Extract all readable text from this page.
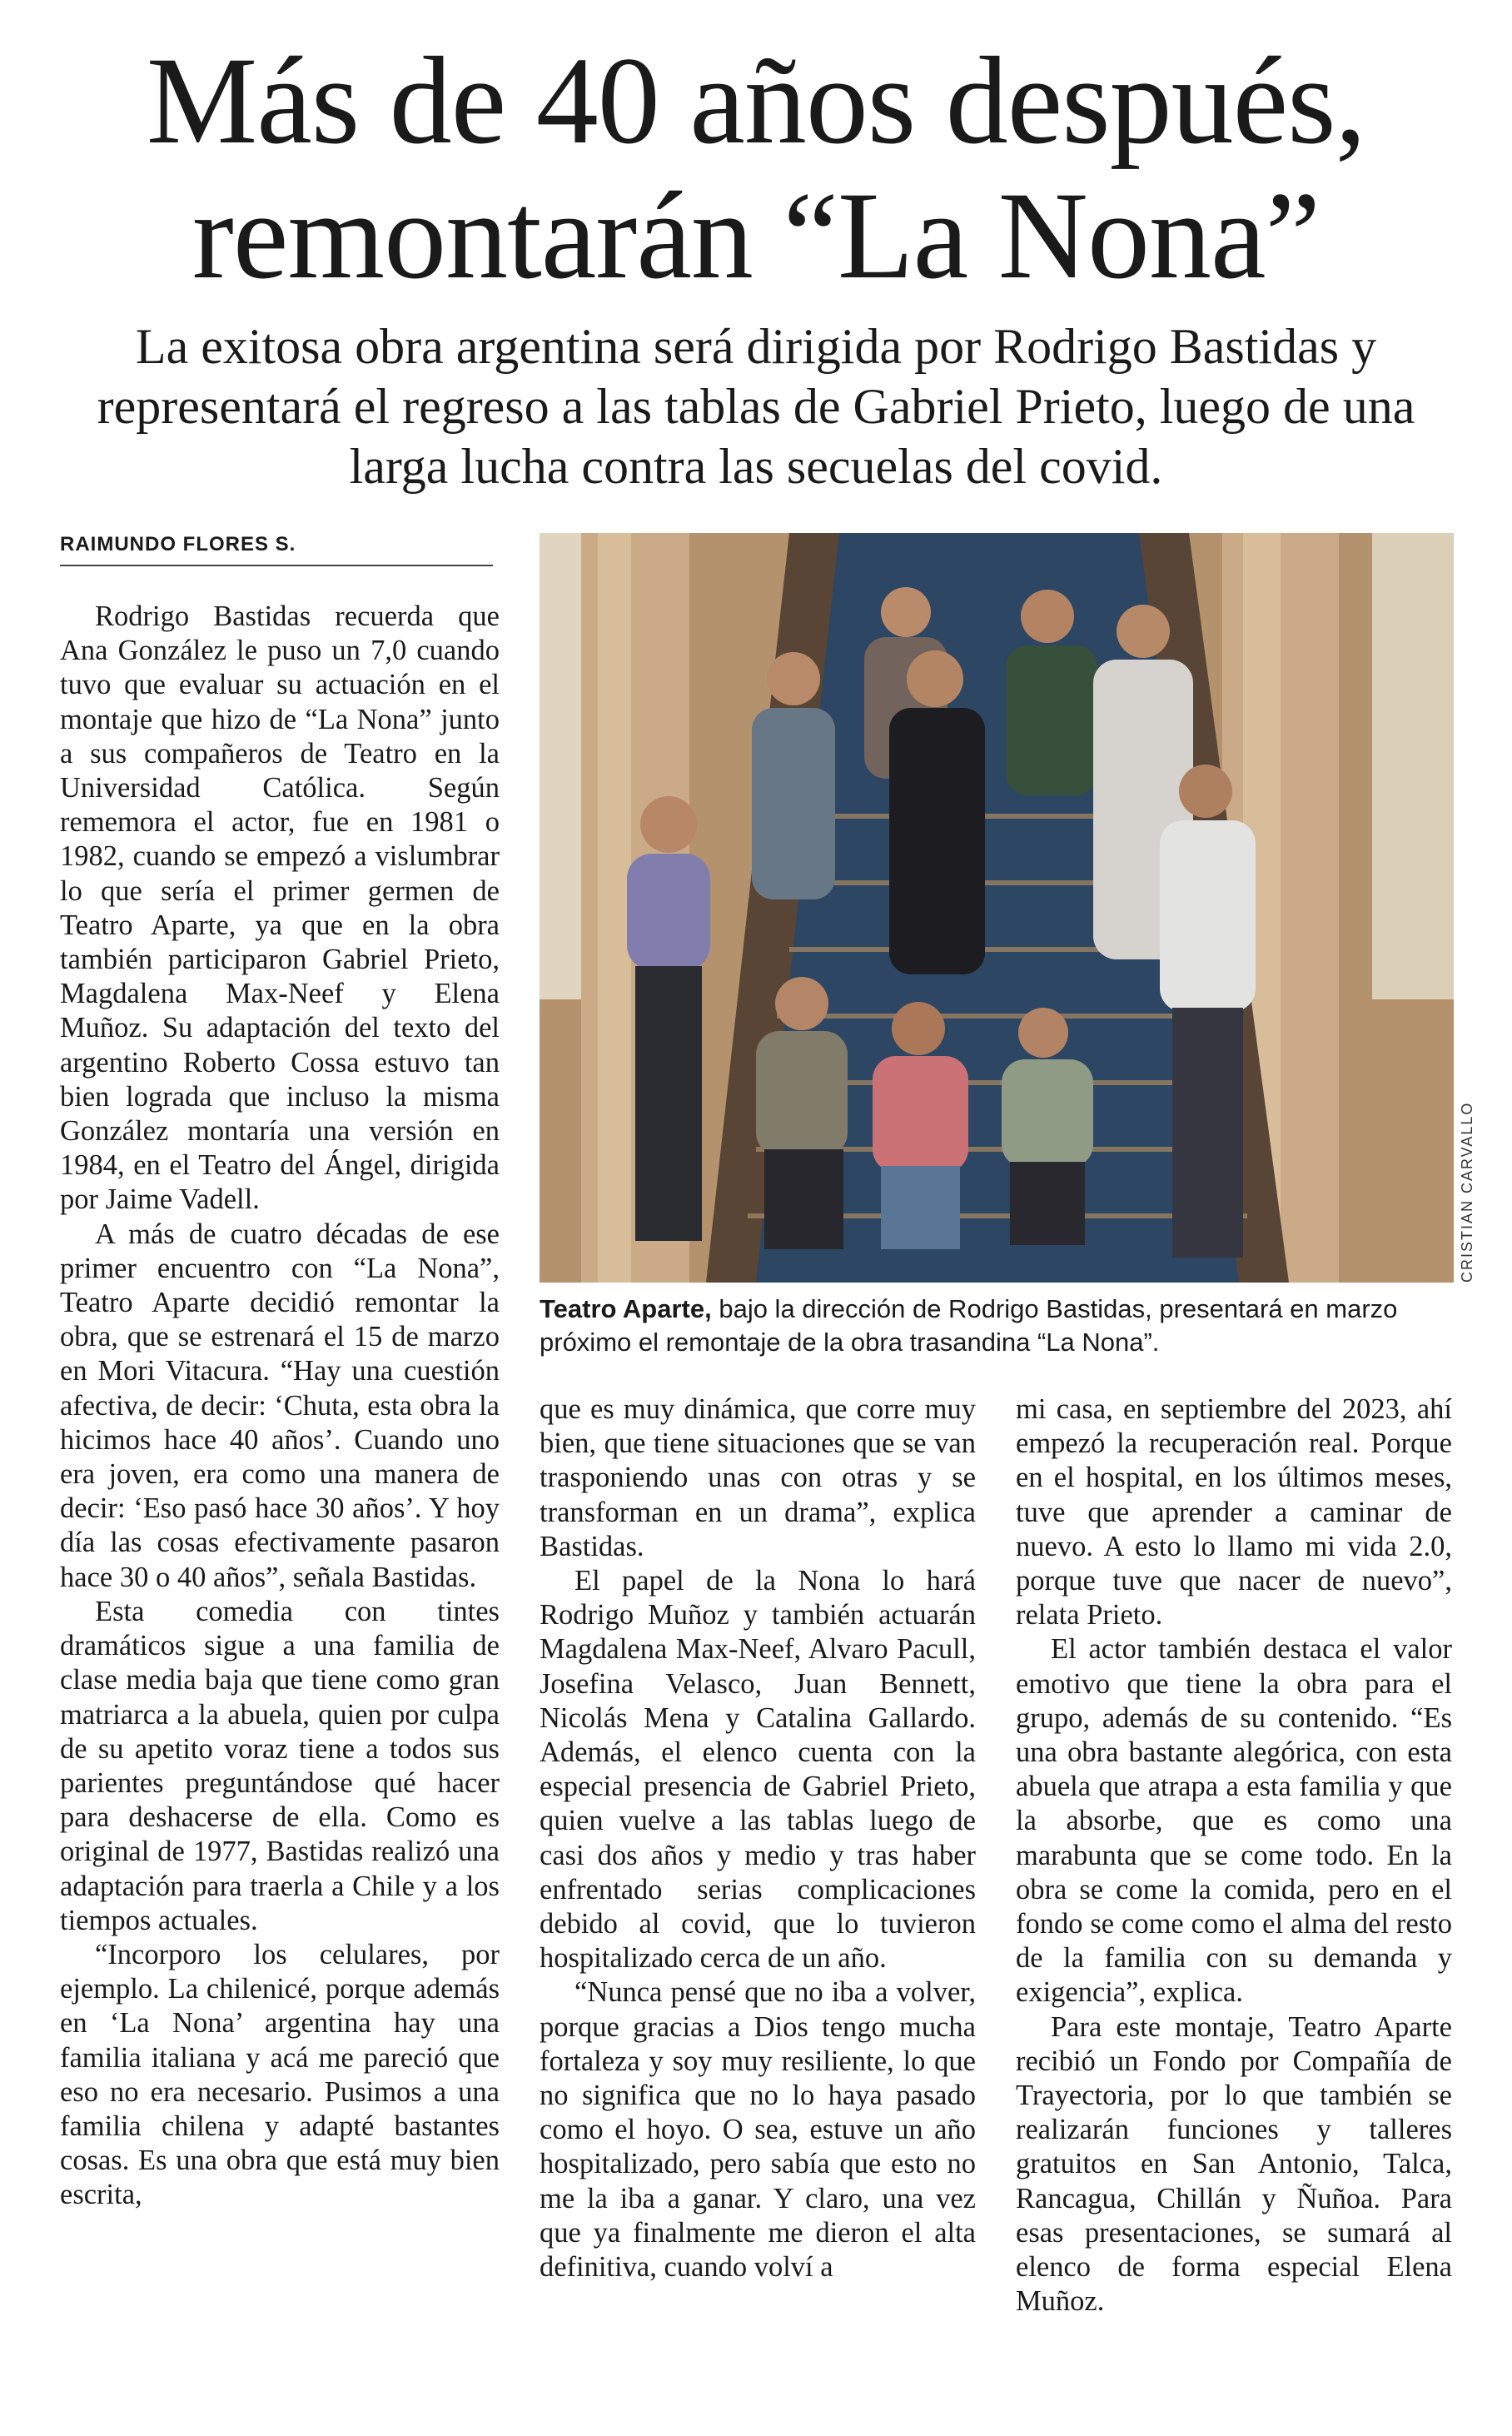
Más de 40 años después,
remontarán “La Nona”

La exitosa obra argentina será dirigida por Rodrigo Bastidas y representará el regreso a las tablas de Gabriel Prieto, luego de una larga lucha contra las secuelas del covid.

RAIMUNDO FLORES S.

Rodrigo Bastidas recuerda que Ana González le puso un 7,0 cuando tuvo que evaluar su actuación en el montaje que hizo de “La Nona” junto a sus compañeros de Teatro en la Universidad Católica. Según rememora el actor, fue en 1981 o 1982, cuando se empezó a vislumbrar lo que sería el primer germen de Teatro Aparte, ya que en la obra también participaron Gabriel Prieto, Magdalena Max-Neef y Elena Muñoz. Su adaptación del texto del argentino Roberto Cossa estuvo tan bien lograda que incluso la misma González montaría una versión en 1984, en el Teatro del Ángel, dirigida por Jaime Vadell.

A más de cuatro décadas de ese primer encuentro con “La Nona”, Teatro Aparte decidió remontar la obra, que se estrenará el 15 de marzo en Mori Vitacura. “Hay una cuestión afectiva, de decir: ‘Chuta, esta obra la hicimos hace 40 años’. Cuando uno era joven, era como una manera de decir: ‘Eso pasó hace 30 años’. Y hoy día las cosas efectivamente pasaron hace 30 o 40 años”, señala Bastidas.

Esta comedia con tintes dramáticos sigue a una familia de clase media baja que tiene como gran matriarca a la abuela, quien por culpa de su apetito voraz tiene a todos sus parientes preguntándose qué hacer para deshacerse de ella. Como es original de 1977, Bastidas realizó una adaptación para traerla a Chile y a los tiempos actuales.

“Incorporo los celulares, por ejemplo. La chilenicé, porque además en ‘La Nona’ argentina hay una familia italiana y acá me pareció que eso no era necesario. Pusimos a una familia chilena y adapté bastantes cosas. Es una obra que está muy bien escrita,

CRISTIAN CARVALLO
Teatro Aparte, bajo la dirección de Rodrigo Bastidas, presentará en marzo próximo el remontaje de la obra trasandina “La Nona”.

que es muy dinámica, que corre muy bien, que tiene situaciones que se van trasponiendo unas con otras y se transforman en un drama”, explica Bastidas.

El papel de la Nona lo hará Rodrigo Muñoz y también actuarán Magdalena Max-Neef, Alvaro Pacull, Josefina Velasco, Juan Bennett, Nicolás Mena y Catalina Gallardo. Además, el elenco cuenta con la especial presencia de Gabriel Prieto, quien vuelve a las tablas luego de casi dos años y medio y tras haber enfrentado serias complicaciones debido al covid, que lo tuvieron hospitalizado cerca de un año.

“Nunca pensé que no iba a volver, porque gracias a Dios tengo mucha fortaleza y soy muy resiliente, lo que no significa que no lo haya pasado como el hoyo. O sea, estuve un año hospitalizado, pero sabía que esto no me la iba a ganar. Y claro, una vez que ya finalmente me dieron el alta definitiva, cuando volví a

mi casa, en septiembre del 2023, ahí empezó la recuperación real. Porque en el hospital, en los últimos meses, tuve que aprender a caminar de nuevo. A esto lo llamo mi vida 2.0, porque tuve que nacer de nuevo”, relata Prieto.

El actor también destaca el valor emotivo que tiene la obra para el grupo, además de su contenido. “Es una obra bastante alegórica, con esta abuela que atrapa a esta familia y que la absorbe, que es como una marabunta que se come todo. En la obra se come la comida, pero en el fondo se come como el alma del resto de la familia con su demanda y exigencia”, explica.

Para este montaje, Teatro Aparte recibió un Fondo por Compañía de Trayectoria, por lo que también se realizarán funciones y talleres gratuitos en San Antonio, Talca, Rancagua, Chillán y Ñuñoa. Para esas presentaciones, se sumará al elenco de forma especial Elena Muñoz.
